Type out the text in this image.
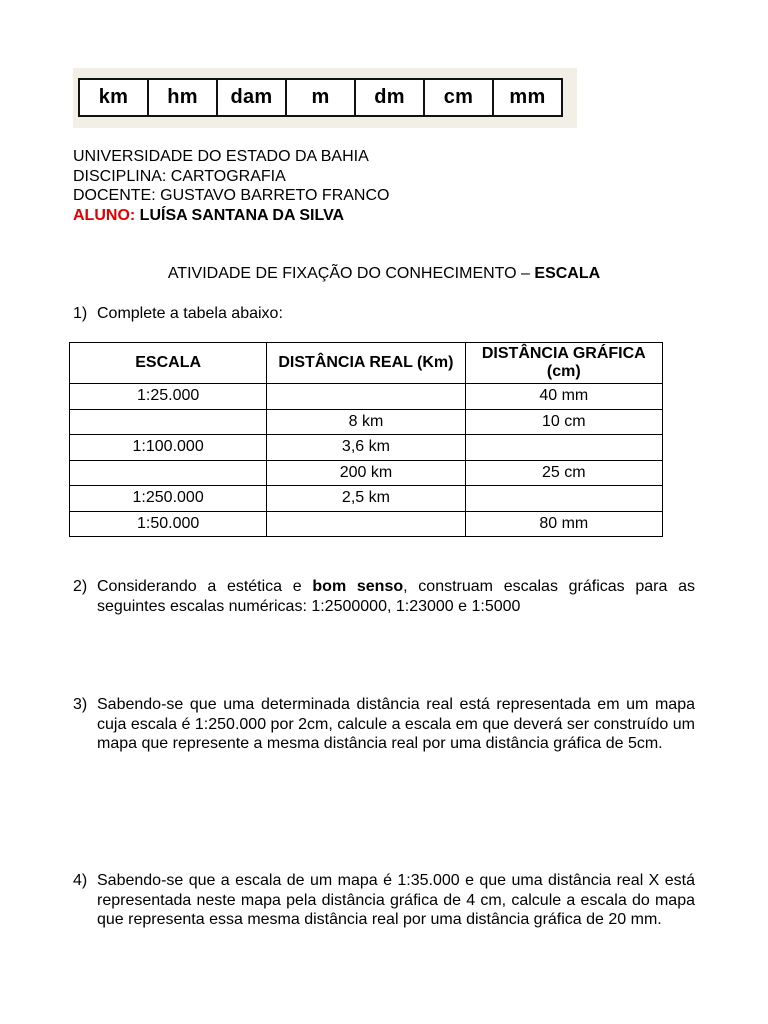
km	hm	dam	m	dm	cm	mm
UNIVERSIDADE DO ESTADO DA BAHIA
DISCIPLINA: CARTOGRAFIA
DOCENTE: GUSTAVO BARRETO FRANCO
ALUNO: LUÍSA SANTANA DA SILVA
ATIVIDADE DE FIXAÇÃO DO CONHECIMENTO – ESCALA
1) Complete a tabela abaixo:
ESCALA	DISTÂNCIA REAL (Km)	DISTÂNCIA GRÁFICA (cm)
1:25.000		40 mm
	8 km	10 cm
1:100.000	3,6 km	
	200 km	25 cm
1:250.000	2,5 km	
1:50.000		80 mm
2) Considerando a estética e bom senso, construam escalas gráficas para as seguintes escalas numéricas: 1:2500000, 1:23000 e 1:5000
3) Sabendo-se que uma determinada distância real está representada em um mapa cuja escala é 1:250.000 por 2cm, calcule a escala em que deverá ser construído um mapa que represente a mesma distância real por uma distância gráfica de 5cm.
4) Sabendo-se que a escala de um mapa é 1:35.000 e que uma distância real X está representada neste mapa pela distância gráfica de 4 cm, calcule a escala do mapa que representa essa mesma distância real por uma distância gráfica de 20 mm.
